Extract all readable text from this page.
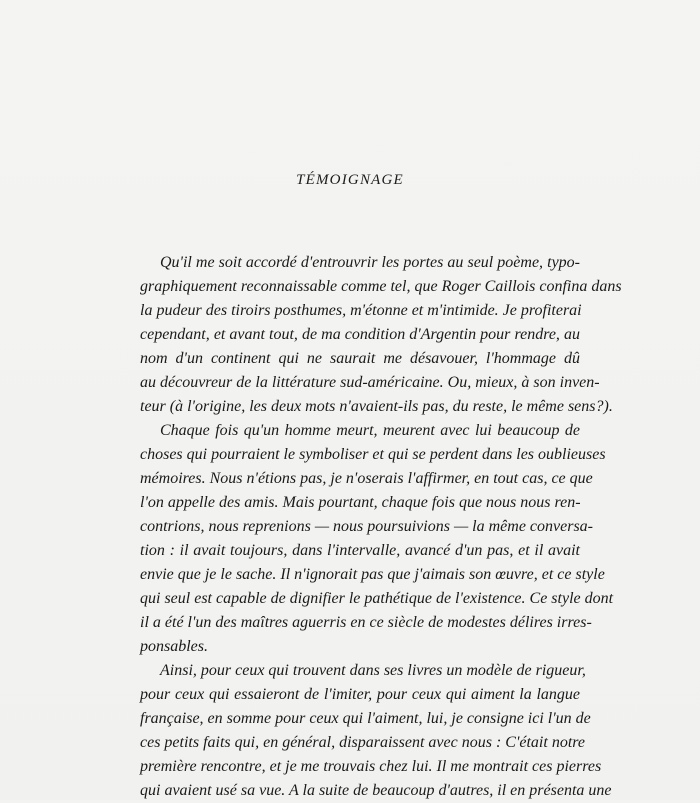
TÉMOIGNAGE
Qu'il me soit accordé d'entrouvrir les portes au seul poème, typo-
graphiquement reconnaissable comme tel, que Roger Caillois confina dans
la pudeur des tiroirs posthumes, m'étonne et m'intimide. Je profiterai
cependant, et avant tout, de ma condition d'Argentin pour rendre, au
nom d'un continent qui ne saurait me désavouer, l'hommage dû
au découvreur de la littérature sud-américaine. Ou, mieux, à son inven-
teur (à l'origine, les deux mots n'avaient-ils pas, du reste, le même sens?).
Chaque fois qu'un homme meurt, meurent avec lui beaucoup de
choses qui pourraient le symboliser et qui se perdent dans les oublieuses
mémoires. Nous n'étions pas, je n'oserais l'affirmer, en tout cas, ce que
l'on appelle des amis. Mais pourtant, chaque fois que nous nous ren-
contrions, nous reprenions — nous poursuivions — la même conversa-
tion : il avait toujours, dans l'intervalle, avancé d'un pas, et il avait
envie que je le sache. Il n'ignorait pas que j'aimais son œuvre, et ce style
qui seul est capable de dignifier le pathétique de l'existence. Ce style dont
il a été l'un des maîtres aguerris en ce siècle de modestes délires irres-
ponsables.
Ainsi, pour ceux qui trouvent dans ses livres un modèle de rigueur,
pour ceux qui essaieront de l'imiter, pour ceux qui aiment la langue
française, en somme pour ceux qui l'aiment, lui, je consigne ici l'un de
ces petits faits qui, en général, disparaissent avec nous : C'était notre
première rencontre, et je me trouvais chez lui. Il me montrait ces pierres
qui avaient usé sa vue. A la suite de beaucoup d'autres, il en présenta une
